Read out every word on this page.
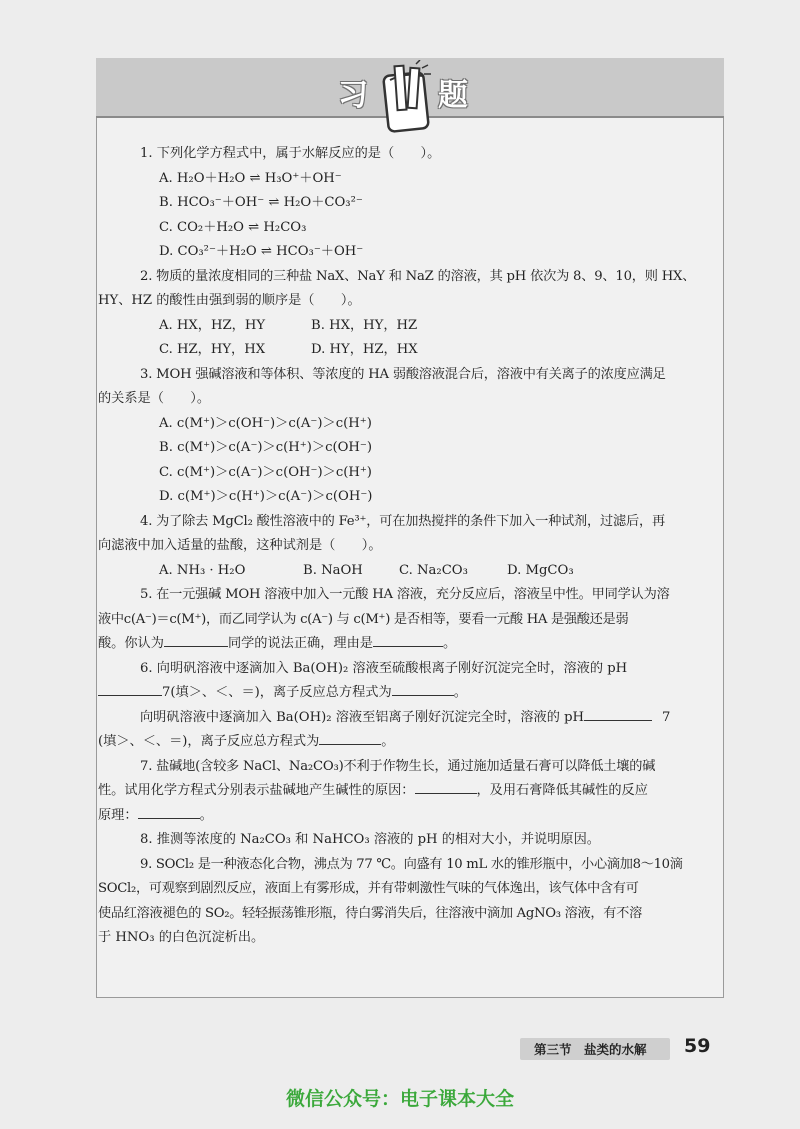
习 题

1. 下列化学方程式中，属于水解反应的是（　　）。

A. H₂O＋H₂O ⇌ H₃O⁺＋OH⁻

B. HCO₃⁻＋OH⁻ ⇌ H₂O＋CO₃²⁻

C. CO₂＋H₂O ⇌ H₂CO₃

D. CO₃²⁻＋H₂O ⇌ HCO₃⁻＋OH⁻

2. 物质的量浓度相同的三种盐 NaX、NaY 和 NaZ 的溶液，其 pH 依次为 8、9、10，则 HX、

HY、HZ 的酸性由强到弱的顺序是（　　）。

A. HX，HZ，HY	B. HX，HY，HZ
C. HZ，HY，HX	D. HY，HZ，HX

3. MOH 强碱溶液和等体积、等浓度的 HA 弱酸溶液混合后，溶液中有关离子的浓度应满足

的关系是（　　）。

A. c(M⁺)＞c(OH⁻)＞c(A⁻)＞c(H⁺)

B. c(M⁺)＞c(A⁻)＞c(H⁺)＞c(OH⁻)

C. c(M⁺)＞c(A⁻)＞c(OH⁻)＞c(H⁺)

D. c(M⁺)＞c(H⁺)＞c(A⁻)＞c(OH⁻)

4. 为了除去 MgCl₂ 酸性溶液中的 Fe³⁺，可在加热搅拌的条件下加入一种试剂，过滤后，再

向滤液中加入适量的盐酸，这种试剂是（　　）。

A. NH₃ · H₂O	B. NaOH	C. Na₂CO₃	D. MgCO₃

5. 在一元强碱 MOH 溶液中加入一元酸 HA 溶液，充分反应后，溶液呈中性。甲同学认为溶

液中c(A⁻)＝c(M⁺)，而乙同学认为 c(A⁻) 与 c(M⁺) 是否相等，要看一元酸 HA 是强酸还是弱

酸。你认为	同学的说法正确，理由是	。

6. 向明矾溶液中逐滴加入 Ba(OH)₂ 溶液至硫酸根离子刚好沉淀完全时，溶液的 pH

7(填＞、＜、＝)，离子反应总方程式为	。

向明矾溶液中逐滴加入 Ba(OH)₂ 溶液至铝离子刚好沉淀完全时，溶液的 pH	7

(填＞、＜、＝)，离子反应总方程式为	。

7. 盐碱地(含较多 NaCl、Na₂CO₃)不利于作物生长，通过施加适量石膏可以降低土壤的碱

性。试用化学方程式分别表示盐碱地产生碱性的原因：	，及用石膏降低其碱性的反应

原理：	。

8. 推测等浓度的 Na₂CO₃ 和 NaHCO₃ 溶液的 pH 的相对大小，并说明原因。

9. SOCl₂ 是一种液态化合物，沸点为 77 ℃。向盛有 10 mL 水的锥形瓶中，小心滴加8～10滴

SOCl₂，可观察到剧烈反应，液面上有雾形成，并有带刺激性气味的气体逸出，该气体中含有可

使品红溶液褪色的 SO₂。轻轻振荡锥形瓶，待白雾消失后，往溶液中滴加 AgNO₃ 溶液，有不溶

于 HNO₃ 的白色沉淀析出。

第三节　盐类的水解 59
微信公众号：电子课本大全
